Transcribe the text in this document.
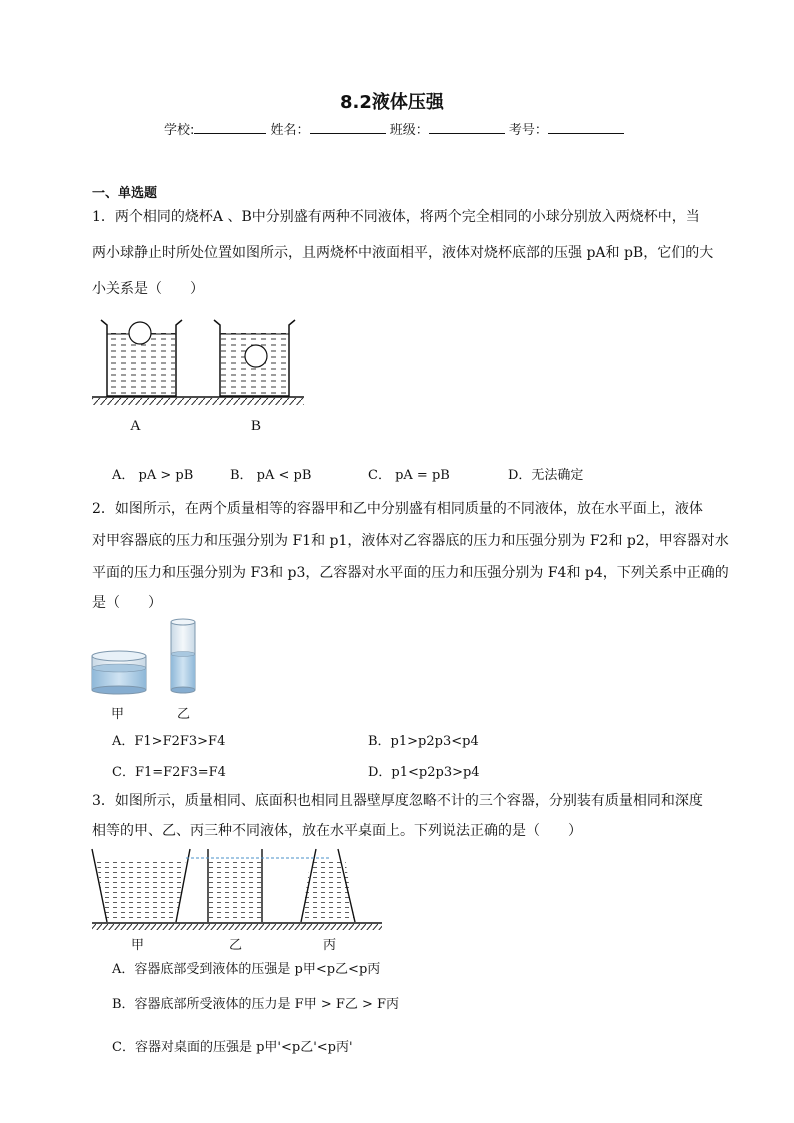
8.2液体压强
学校:	姓名：	班级：	考号：
一、单选题
1．两个相同的烧杯A 、B中分别盛有两种不同液体，将两个完全相同的小球分别放入两烧杯中，当
两小球静止时所处位置如图所示，且两烧杯中液面相平，液体对烧杯底部的压强 pA和 pB，它们的大
小关系是（　　）
A	B
A． pA > pB	B． pA < pB	C． pA = pB	D．无法确定
2．如图所示，在两个质量相等的容器甲和乙中分别盛有相同质量的不同液体，放在水平面上，液体
对甲容器底的压力和压强分别为 F1和 p1，液体对乙容器底的压力和压强分别为 F2和 p2，甲容器对水
平面的压力和压强分别为 F3和 p3，乙容器对水平面的压力和压强分别为 F4和 p4，下列关系中正确的
是（　　）
甲	乙
A．F1>F2F3>F4	B．p1>p2p3<p4
C．F1=F2F3=F4	D．p1<p2p3>p4
3．如图所示，质量相同、底面积也相同且器壁厚度忽略不计的三个容器，分别装有质量相同和深度
相等的甲、乙、丙三种不同液体，放在水平桌面上。下列说法正确的是（　　）
甲	乙	丙
A．容器底部受到液体的压强是 p甲<p乙<p丙
B．容器底部所受液体的压力是 F甲 > F乙 > F丙
C．容器对桌面的压强是 p甲'<p乙'<p丙'
